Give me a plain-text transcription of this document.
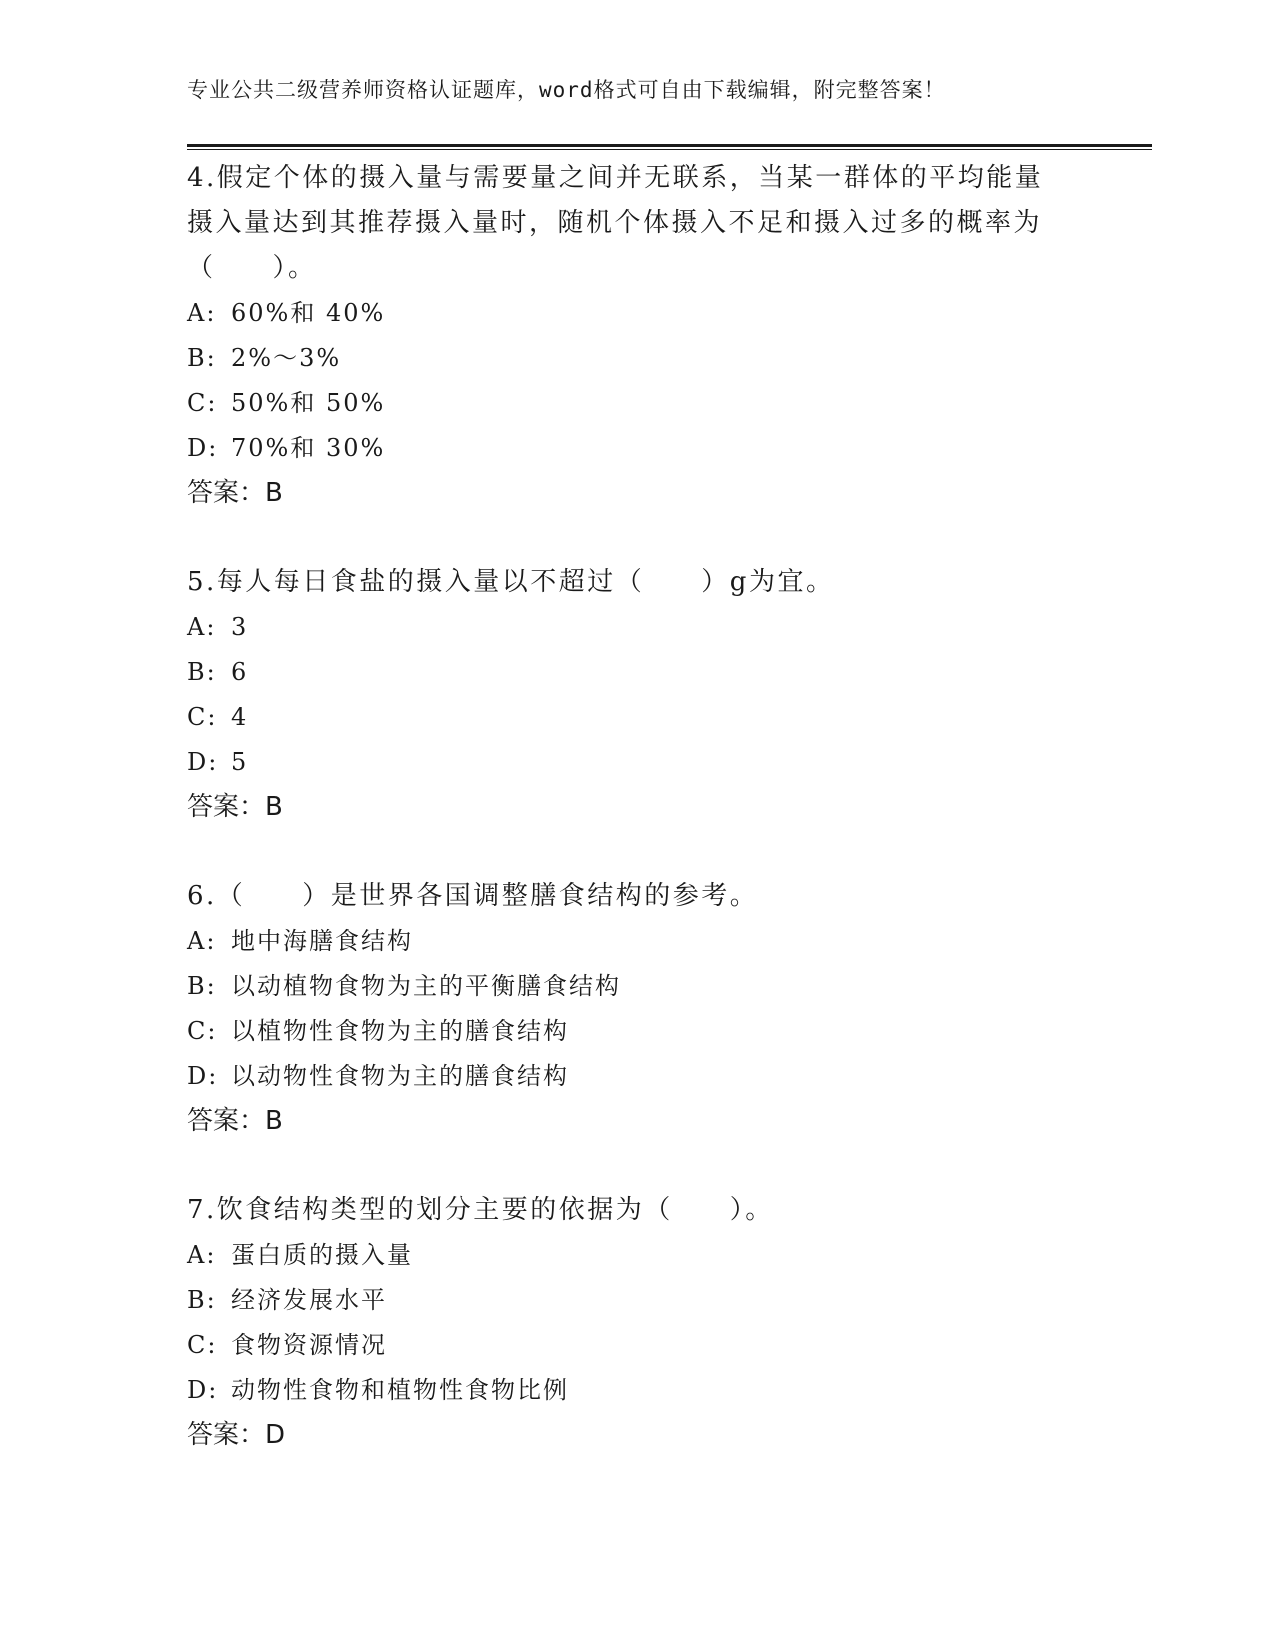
专业公共二级营养师资格认证题库，word格式可自由下载编辑，附完整答案！
4.假定个体的摄入量与需要量之间并无联系，当某一群体的平均能量
摄入量达到其推荐摄入量时，随机个体摄入不足和摄入过多的概率为
（　　）。
A: 60%和 40%
B: 2%～3%
C: 50%和 50%
D: 70%和 30%
答案：B
5.每人每日食盐的摄入量以不超过（　　）g为宜。
A: 3
B: 6
C: 4
D: 5
答案：B
6.（　　）是世界各国调整膳食结构的参考。
A: 地中海膳食结构
B: 以动植物食物为主的平衡膳食结构
C: 以植物性食物为主的膳食结构
D: 以动物性食物为主的膳食结构
答案：B
7.饮食结构类型的划分主要的依据为（　　）。
A: 蛋白质的摄入量
B: 经济发展水平
C: 食物资源情况
D: 动物性食物和植物性食物比例
答案：D
